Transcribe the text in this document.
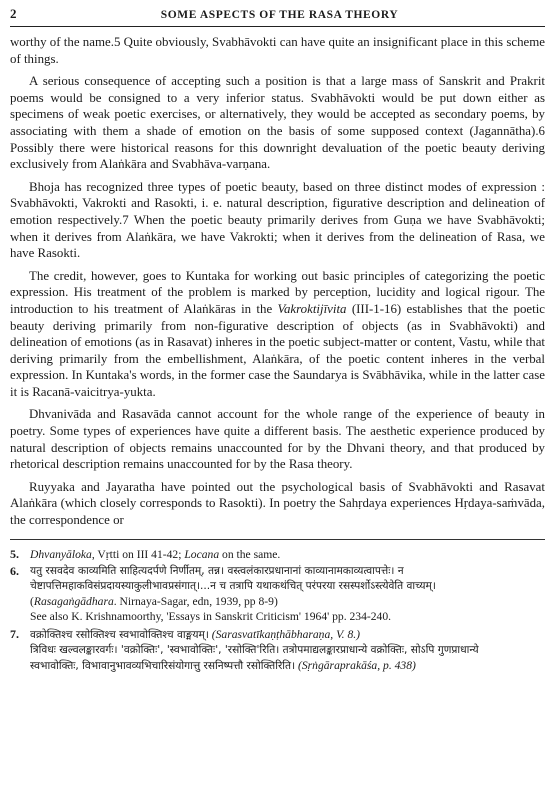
2	SOME ASPECTS OF THE RASA THEORY

worthy of the name.5 Quite obviously, Svabhāvokti can have quite an insignificant place in this scheme of things.

A serious consequence of accepting such a position is that a large mass of Sanskrit and Prakrit poems would be consigned to a very inferior status. Svabhāvokti would be put down either as specimens of weak poetic exercises, or alternatively, they would be accepted as secondary poems, by associating with them a shade of emotion on the basis of some supposed context (Jagannātha).6 Possibly there were historical reasons for this downright devaluation of the poetic beauty deriving exclusively from Alaṅkāra and Svabhāva-varṇana.

Bhoja has recognized three types of poetic beauty, based on three distinct modes of expression : Svabhāvokti, Vakrokti and Rasokti, i. e. natural description, figurative description and delineation of emotion respectively.7 When the poetic beauty primarily derives from Guṇa we have Svabhāvokti; when it derives from Alaṅkāra, we have Vakrokti; when it derives from the delineation of Rasa, we have Rasokti.

The credit, however, goes to Kuntaka for working out basic principles of categorizing the poetic expression. His treatment of the problem is marked by perception, lucidity and logical rigour. The introduction to his treatment of Alaṅkāras in the Vakroktijīvita (III-1-16) establishes that the poetic beauty deriving primarily from non-figurative description of objects (as in Svabhāvokti) and delineation of emotions (as in Rasavat) inheres in the poetic subject-matter or content, Vastu, while that deriving primarily from the embellishment, Alaṅkāra, of the poetic content inheres in the verbal expression. In Kuntaka's words, in the former case the Saundarya is Svābhāvika, while in the latter case it is Racanā-vaicitrya-yukta.

Dhvanivāda and Rasavāda cannot account for the whole range of the experience of beauty in poetry. Some types of experiences have quite a different basis. The aesthetic experience produced by natural description of objects remains unaccounted for by the Dhvani theory, and that produced by rhetorical description remains unaccounted for by the Rasa theory.

Ruyyaka and Jayaratha have pointed out the psychological basis of Svabhāvokti and Rasavat Alaṅkāra (which closely corresponds to Rasokti). In poetry the Sahṛdaya experiences Hṛdaya-saṁvāda, the correspondence or

5. Dhvanyāloka, Vṛtti on III 41-42; Locana on the same.
6.	यतु रसवदेव काव्यमिति साहित्यदर्पणे निर्णीतम्‌, तन्न। वस्त्वलंकारप्रधानानां काव्यानामकाव्यत्वापत्तेः। न
चेष्टापत्तिमहाकविसंप्रदायस्याकुलीभावप्रसंगात्‌।...न च तत्रापि यथाकथंचित्‌ परंपरया रसस्पर्शोऽस्त्येवेति वाच्यम्‌।
(Rasagaṅgādhara. Nirnaya-Sagar, edn, 1939, pp 8-9)
See also K. Krishnamoorthy, 'Essays in Sanskrit Criticism' 1964' pp. 234-240.
7.	वक्रोक्तिश्च रसोक्तिश्च स्वभावोक्तिश्च वाङ्मयम्‌। (Sarasvatīkaṇṭhābharaṇa, V. 8.)
त्रिविधः खल्वलङ्कारवर्गः। 'वक्रोक्तिः', 'स्वभावोक्तिः', 'रसोक्ति'रिति। तत्रोपमाद्यलङ्कारप्राधान्ये वक्रोक्तिः, सोऽपि गुणप्राधान्ये
स्वभावोक्तिः, विभावानुभावव्यभिचारिसंयोगात्तु रसनिष्पत्तौ रसोक्तिरिति। (Sṛṅgāraprakāśa, p. 438)
